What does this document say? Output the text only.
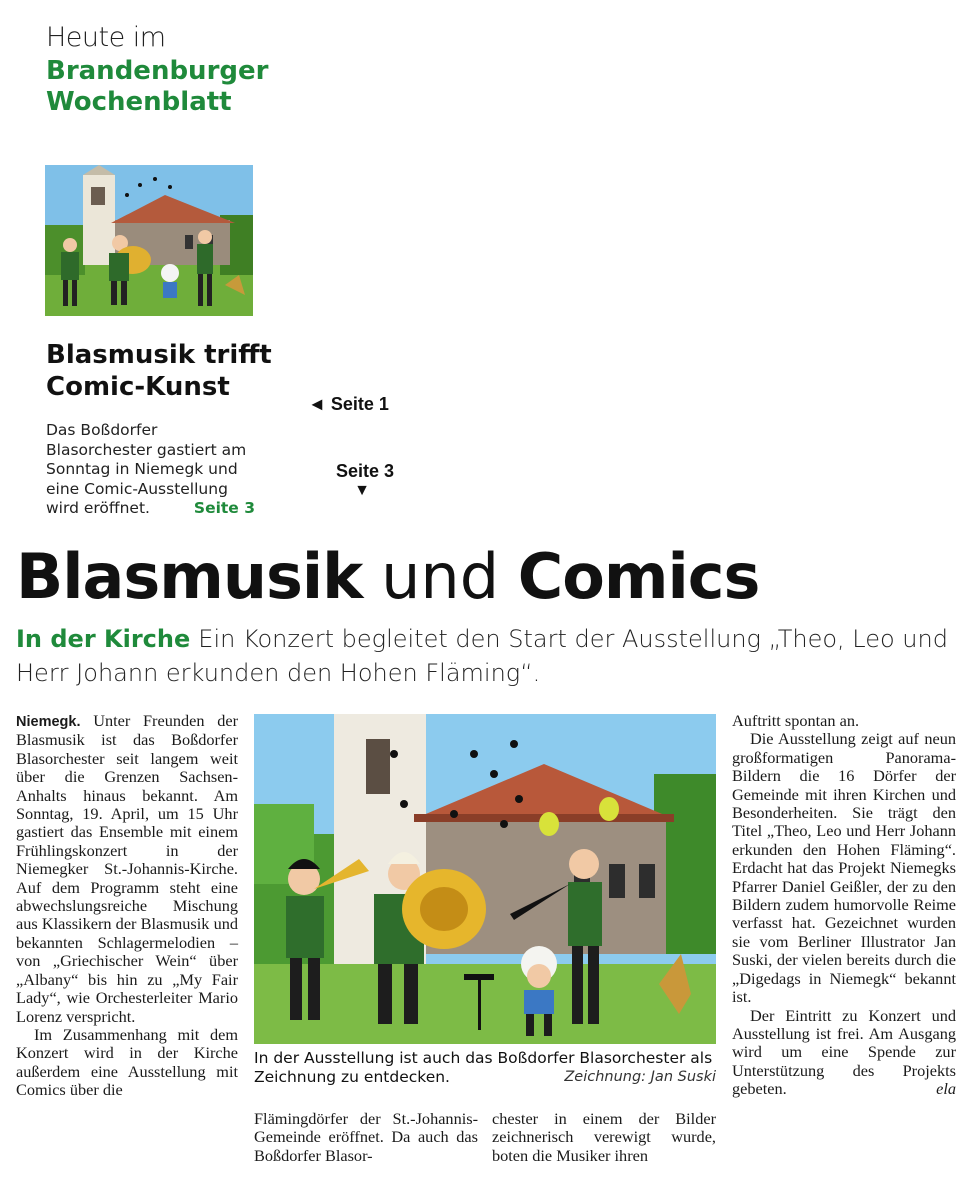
Heute im
Brandenburger
Wochenblatt
Blasmusik trifft
Comic-Kunst
Das Boßdorfer Blasorchester gastiert am Sonntag in Niemegk und eine Comic-Ausstellung wird eröffnet.	Seite 3
◄ Seite 1
Seite 3
▼
Blasmusik und Comics
In der Kirche Ein Konzert begleitet den Start der Ausstellung „Theo, Leo und Herr Johann erkunden den Hohen Fläming“.

Niemegk. Unter Freunden der Blasmusik ist das Boßdorfer Blasorchester seit langem weit über die Grenzen Sachsen-Anhalts hinaus bekannt. Am Sonntag, 19. April, um 15 Uhr gastiert das Ensemble mit einem Frühlingskonzert in der Niemegker St.-Johannis-Kirche. Auf dem Programm steht eine abwechslungsreiche Mischung aus Klassikern der Blasmusik und bekannten Schlagermelodien – von „Griechischer Wein“ über „Albany“ bis hin zu „My Fair Lady“, wie Orchesterleiter Mario Lorenz verspricht.

Im Zusammenhang mit dem Konzert wird in der Kirche außerdem eine Ausstellung mit Comics über die

In der Ausstellung ist auch das Boßdorfer Blasorchester als Zeichnung zu entdecken.	Zeichnung: Jan Suski

Flämingdörfer der St.-Johannis-Gemeinde eröffnet. Da auch das Boßdorfer Blasor-

chester in einem der Bilder zeichnerisch verewigt wurde, boten die Musiker ihren

Auftritt spontan an.

Die Ausstellung zeigt auf neun großformatigen Panorama-Bildern die 16 Dörfer der Gemeinde mit ihren Kirchen und Besonderheiten. Sie trägt den Titel „Theo, Leo und Herr Johann erkunden den Hohen Fläming“. Erdacht hat das Projekt Niemegks Pfarrer Daniel Geißler, der zu den Bildern zudem humorvolle Reime verfasst hat. Gezeichnet wurden sie vom Berliner Illustrator Jan Suski, der vielen bereits durch die „Digedags in Niemegk“ bekannt ist.

Der Eintritt zu Konzert und Ausstellung ist frei. Am Ausgang wird um eine Spende zur Unterstützung des Projekts gebeten.	ela
